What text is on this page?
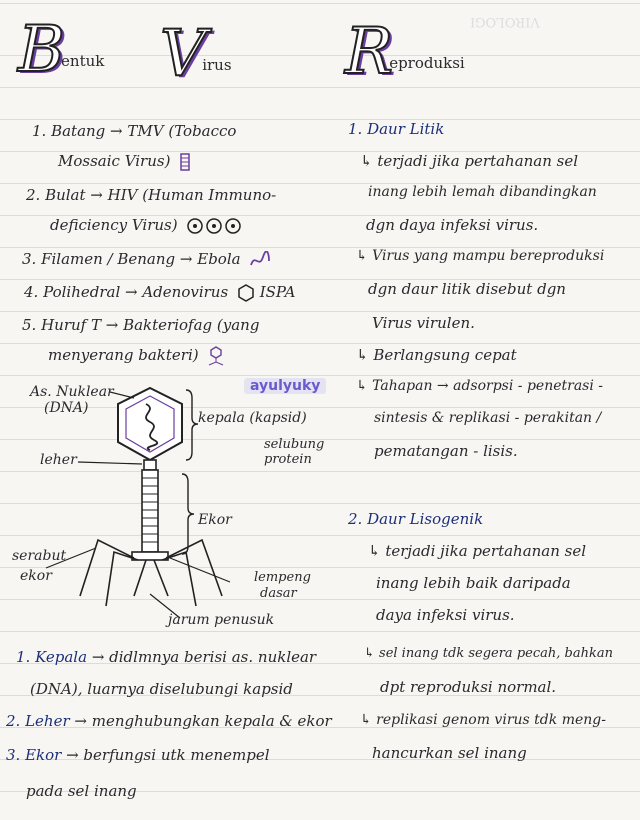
VIROLOGI
B
entuk V
irus R
eproduksi
1. Batang → TMV (Tobacco
Mossaic Virus)
2. Bulat → HIV (Human Immuno-
deficiency Virus)
3. Filamen / Benang → Ebola
4. Polihedral → Adenovirus ISPA
5. Huruf T → Bakteriofag (yang
menyerang bakteri)
ayulyuky
As. Nuklear
(DNA)
kepala (kapsid)
selubung
protein
leher
Ekor
serabut
ekor	lempeng
dasar
jarum penusuk
1. Kepala → didlmnya berisi as. nuklear
(DNA), luarnya diselubungi kapsid
2. Leher → menghubungkan kepala & ekor
3. Ekor → berfungsi utk menempel
pada sel inang
1. Daur Litik
↳ terjadi jika pertahanan sel
inang lebih lemah dibandingkan
dgn daya infeksi virus.
↳ Virus yang mampu bereproduksi
dgn daur litik disebut dgn
Virus virulen.
↳ Berlangsung cepat
↳ Tahapan → adsorpsi - penetrasi -
sintesis & replikasi - perakitan /
pematangan - lisis.
2. Daur Lisogenik
↳ terjadi jika pertahanan sel
inang lebih baik daripada
daya infeksi virus.
↳ sel inang tdk segera pecah, bahkan
dpt reproduksi normal.
↳ replikasi genom virus tdk meng-
hancurkan sel inang
